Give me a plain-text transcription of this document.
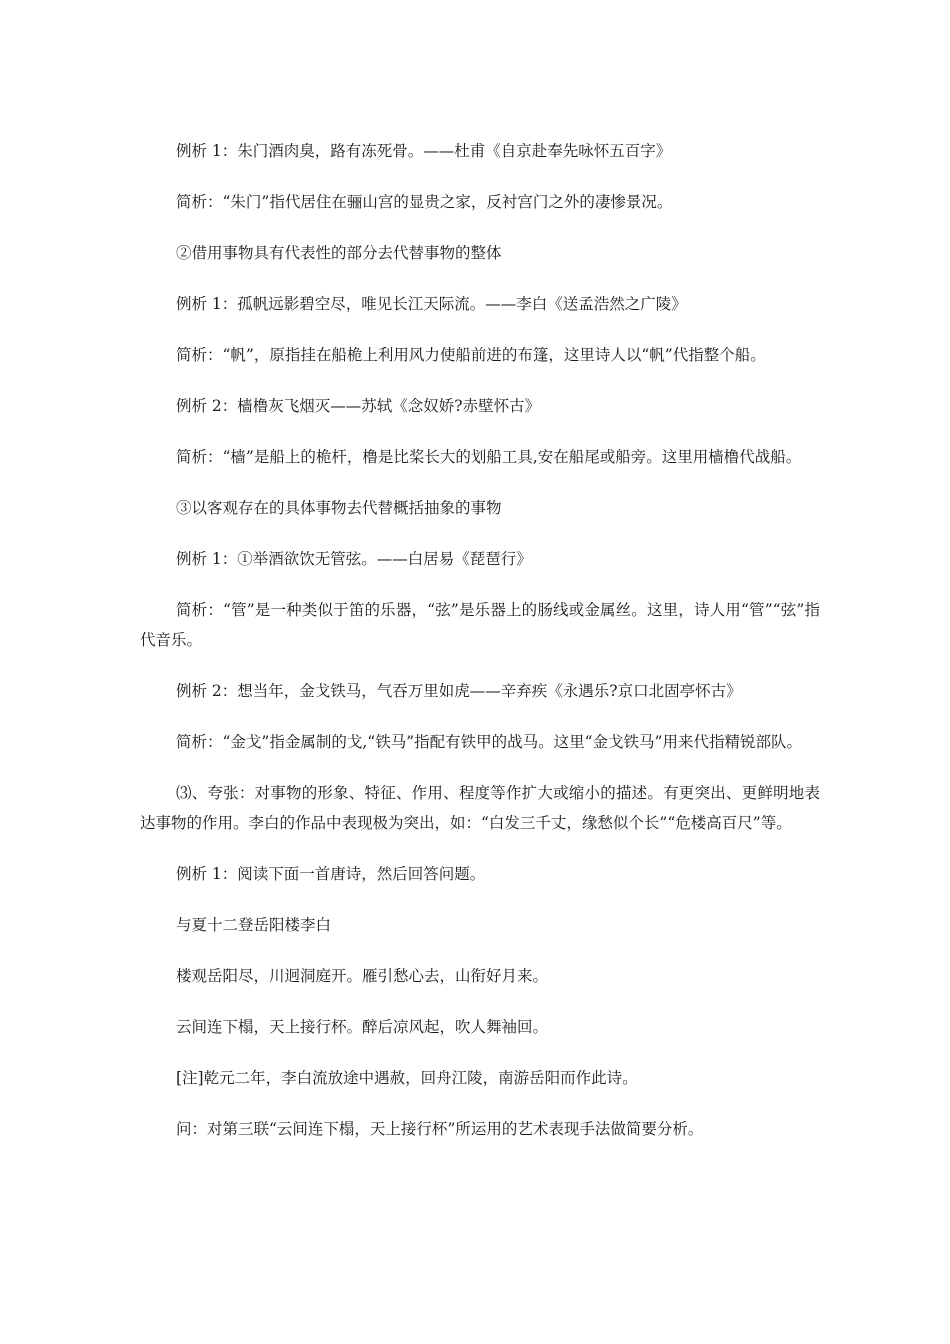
例析 1：朱门酒肉臭，路有冻死骨。——杜甫《自京赴奉先咏怀五百字》

简析：“朱门”指代居住在骊山宫的显贵之家，反衬宫门之外的凄惨景况。

②借用事物具有代表性的部分去代替事物的整体

例析 1：孤帆远影碧空尽，唯见长江天际流。——李白《送孟浩然之广陵》

简析：“帆”，原指挂在船桅上利用风力使船前进的布篷，这里诗人以“帆”代指整个船。

例析 2：樯橹灰飞烟灭——苏轼《念奴娇?赤壁怀古》

简析：“樯”是船上的桅杆，橹是比桨长大的划船工具,安在船尾或船旁。这里用樯橹代战船。

③以客观存在的具体事物去代替概括抽象的事物

例析 1：①举酒欲饮无管弦。——白居易《琵琶行》

简析：“管”是一种类似于笛的乐器，“弦”是乐器上的肠线或金属丝。这里，诗人用“管”“弦”指代音乐。

例析 2：想当年，金戈铁马，气吞万里如虎——辛弃疾《永遇乐?京口北固亭怀古》

简析：“金戈”指金属制的戈,“铁马”指配有铁甲的战马。这里“金戈铁马”用来代指精锐部队。

⑶、夸张：对事物的形象、特征、作用、程度等作扩大或缩小的描述。有更突出、更鲜明地表达事物的作用。李白的作品中表现极为突出，如：“白发三千丈，缘愁似个长”“危楼高百尺”等。

例析 1：阅读下面一首唐诗，然后回答问题。

与夏十二登岳阳楼李白

楼观岳阳尽，川迥洞庭开。雁引愁心去，山衔好月来。

云间连下榻，天上接行杯。醉后凉风起，吹人舞袖回。

[注]乾元二年，李白流放途中遇赦，回舟江陵，南游岳阳而作此诗。

问：对第三联“云间连下榻，天上接行杯”所运用的艺术表现手法做简要分析。
